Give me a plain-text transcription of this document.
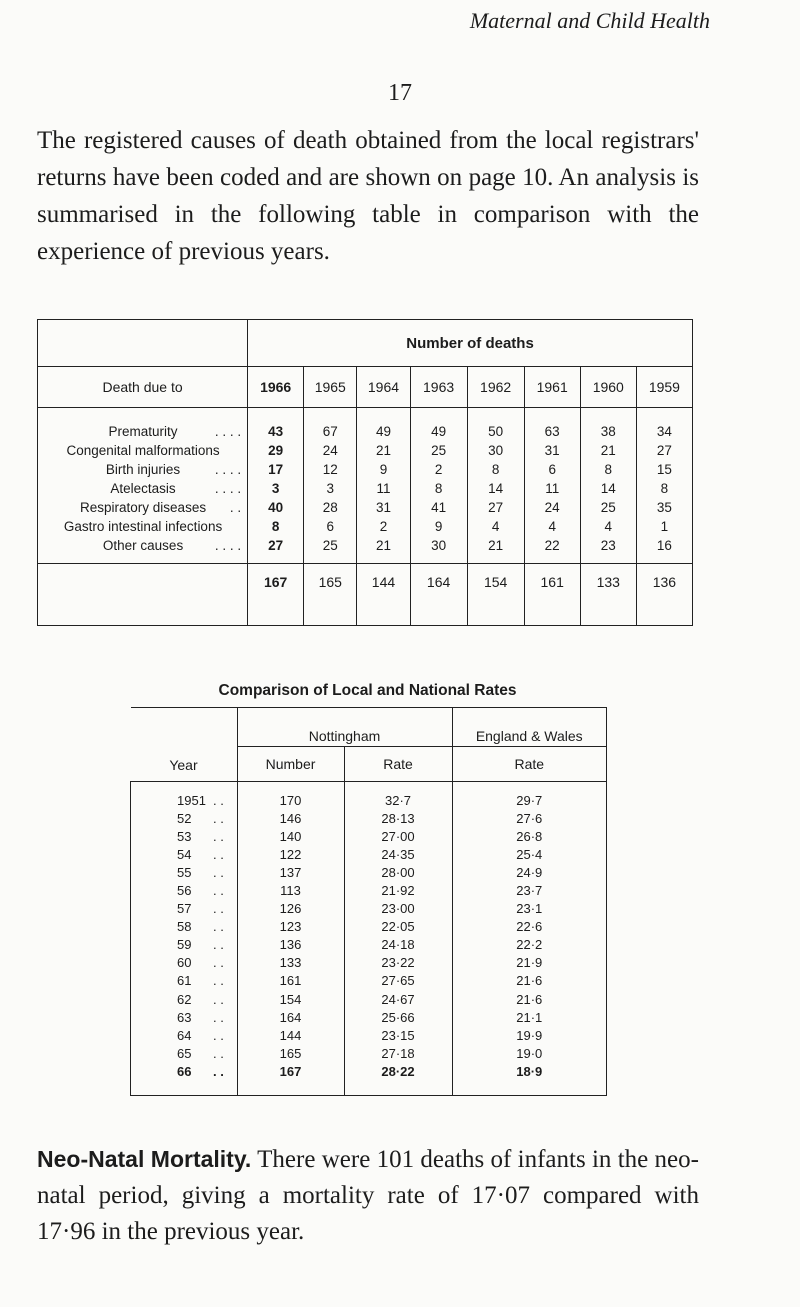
Maternal and Child Health
17

The registered causes of death obtained from the local registrars' returns have been coded and are shown on page 10. An analysis is summarised in the following table in comparison with the experience of previous years.

	Number of deaths							
Death due to	1966	1965	1964	1963	1962	1961	1960	1959
Prematurity . . . .	43	67	49	49	50	63	38	34
Congenital malformations	29	24	21	25	30	31	21	27
Birth injuries . . . .	17	12	9	2	8	6	8	15
Atelectasis . . . .	3	3	11	8	14	11	14	8
Respiratory diseases . .	40	28	31	41	27	24	25	35
Gastro intestinal infections	8	6	2	9	4	4	4	1
Other causes . . . .	27	25	21	30	21	22	23	16
	167	165	144	164	154	161	133	136
Comparison of Local and National Rates
Year	Nottingham		England & Wales
	Number	Rate	Rate
1951 . .	170	32·7	29·7
52 . .	146	28·13	27·6
53 . .	140	27·00	26·8
54 . .	122	24·35	25·4
55 . .	137	28·00	24·9
56 . .	113	21·92	23·7
57 . .	126	23·00	23·1
58 . .	123	22·05	22·6
59 . .	136	24·18	22·2
60 . .	133	23·22	21·9
61 . .	161	27·65	21·6
62 . .	154	24·67	21·6
63 . .	164	25·66	21·1
64 . .	144	23·15	19·9
65 . .	165	27·18	19·0
66 . .	167	28·22	18·9

Neo-Natal Mortality. There were 101 deaths of infants in the neo-natal period, giving a mortality rate of 17·07 compared with 17·96 in the previous year.
